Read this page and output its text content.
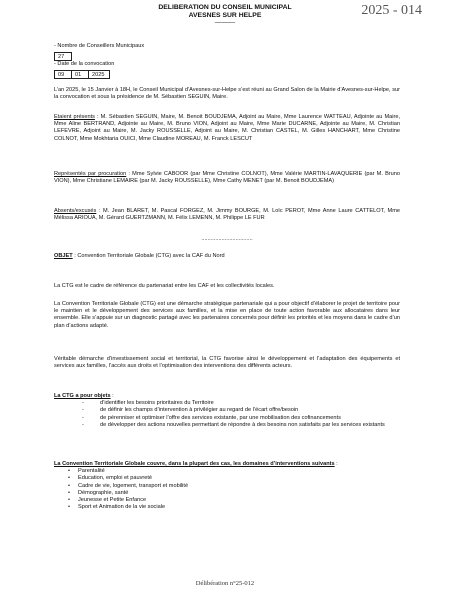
2025 - 014
DELIBERATION DU CONSEIL MUNICIPAL
AVESNES SUR HELPE
———
- Nombre de Conseillers Municipaux
27
- Date de la convocation
09	01	2025
L’an 2025, le 15 Janvier à 18H, le Conseil Municipal d’Avesnes-sur-Helpe s’est réuni au Grand Salon de la Mairie d’Avesnes-sur-Helpe, sur la convocation et sous la présidence de M. Sébastien SEGUIN, Maire.
Etaient présents : M. Sébastien SEGUIN, Maire, M. Benoit BOUDJEMA, Adjoint au Maire, Mme Laurence WATTEAU, Adjointe au Maire, Mme Aline BERTRAND, Adjointe au Maire, M. Bruno VION, Adjoint au Maire, Mme Marie DUCARNE, Adjointe au Maire, M. Christian LEFEVRE, Adjoint au Maire, M. Jacky ROUSSELLE, Adjoint au Maire, M. Christian CASTEL, M. Gilles HANCHART, Mme Christine COLNOT, Mme Mokhtaria OUICI, Mme Claudine MOREAU, M. Franck LESCUT
Représentés par procuration : Mme Sylvie CABOOR (par Mme Christine COLNOT), Mme Valérie MARTIN-LAVAQUERIE (par M. Bruno VION), Mme Christiane LEMAIRE (par M. Jacky ROUSSELLE), Mme Cathy MENET (par M. Benoit BOUDJEMA)
Absents/excusés : M. Jean BLARET, M. Pascal FORGEZ, M. Jimmy BOURGE, M. Loïc PEROT, Mme Anne Laure CATTELOT, Mme Mélissa ARIOUA, M. Gérard GUERTZMANN, M. Félix LEMENN, M. Philippe LE FUR
.................................
OBJET : Convention Territoriale Globale (CTG) avec la CAF du Nord
La CTG est le cadre de référence du partenariat entre les CAF et les collectivités locales.
La Convention Territoriale Globale (CTG) est une démarche stratégique partenariale qui a pour objectif d’élaborer le projet de territoire pour le maintien et le développement des services aux familles, et la mise en place de toute action favorable aux allocataires dans leur ensemble. Elle s’appuie sur un diagnostic partagé avec les partenaires concernés pour définir les priorités et les moyens dans le cadre d’un plan d’actions adapté.
Véritable démarche d’investissement social et territorial, la CTG favorise ainsi le développement et l’adaptation des équipements et services aux familles, l’accès aux droits et l’optimisation des interventions des différents acteurs.
La CTG a pour objets :
- d’identifier les besoins prioritaires du Territoire
- de définir les champs d’intervention à privilégier au regard de l’écart offre/besoin
- de pérenniser et optimiser l’offre des services existante, par une mobilisation des cofinancements
- de développer des actions nouvelles permettant de répondre à des besoins non satisfaits par les services existants
La Convention Territoriale Globale couvre, dans la plupart des cas, les domaines d’interventions suivants :
• Parentalité
• Education, emploi et pauvreté
• Cadre de vie, logement, transport et mobilité
• Démographie, santé
• Jeunesse et Petite Enfance
• Sport et Animation de la vie sociale
Délibération n°25-012
